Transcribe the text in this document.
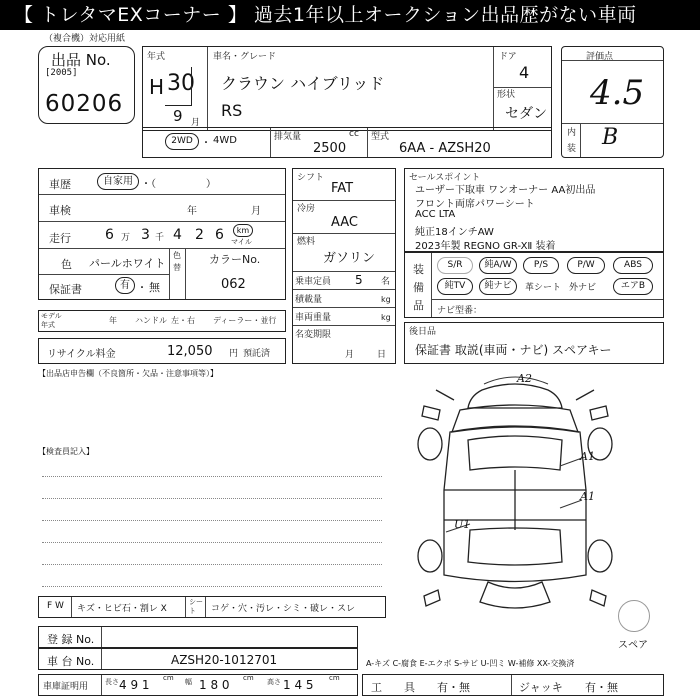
【 トレタマEXコーナー 】 過去1年以上オークション出品歴がない車両
（複合機）対応用紙
出品 No.
[2005]
60206
年式
H 30
9 月
車名・グレード
クラウン ハイブリッド
RS
ドア
4
形状
セダン
評価点
4.5
内
装 B
2WD ・ 4WD	排気量	cc
2500
型式
6AA - AZSH20
車歴	自家用 ・（　　　　　）
車検	年	月
走行 6 万 3 千 4 2 6	km
マイル
色 パールホワイト
色
替
カラーNo.
062
保証書	有 ・ 無
モデル
年式	年 ハンドル 左・右 ディーラー・並行
リサイクル料金	12,050 円 預託済
シフト
FAT
冷房
AAC
燃料
ガソリン
乗車定員 5 名
積載量	kg
車両重量	kg
名変期限
月	日
セールスポイント
ユーザー下取車 ワンオーナー AA初出品
フロント両席パワーシート
ACC LTA
純正18インチAW
2023年製 REGNO GR-XⅡ 装着
装
備
品
S/R	純A/W	P/S	P/W	ABS
純TV	純ナビ	革シート 外ナビ	エアB
ナビ型番：
後日品
保証書 取説(車両・ナビ) スペアキー
【出品店申告欄（不良箇所・欠品・注意事項等）】
【検査員記入】
A2
A1
A1
U1
スペア
F W キズ・ヒビ石・割レ X
シー
ト コゲ・穴・汚レ・シミ・破レ・スレ
登 録 No.
車 台 No.	AZSH20-1012701	A-キズ C-腐食 E-エクボ S-サビ U-凹ミ W-補修 XX-交換済
車庫証明用 長さ 4 9 1 cm 幅 1 8 0 cm 高さ 1 4 5 cm
工　　具 有・無	ジャッキ 有・無
